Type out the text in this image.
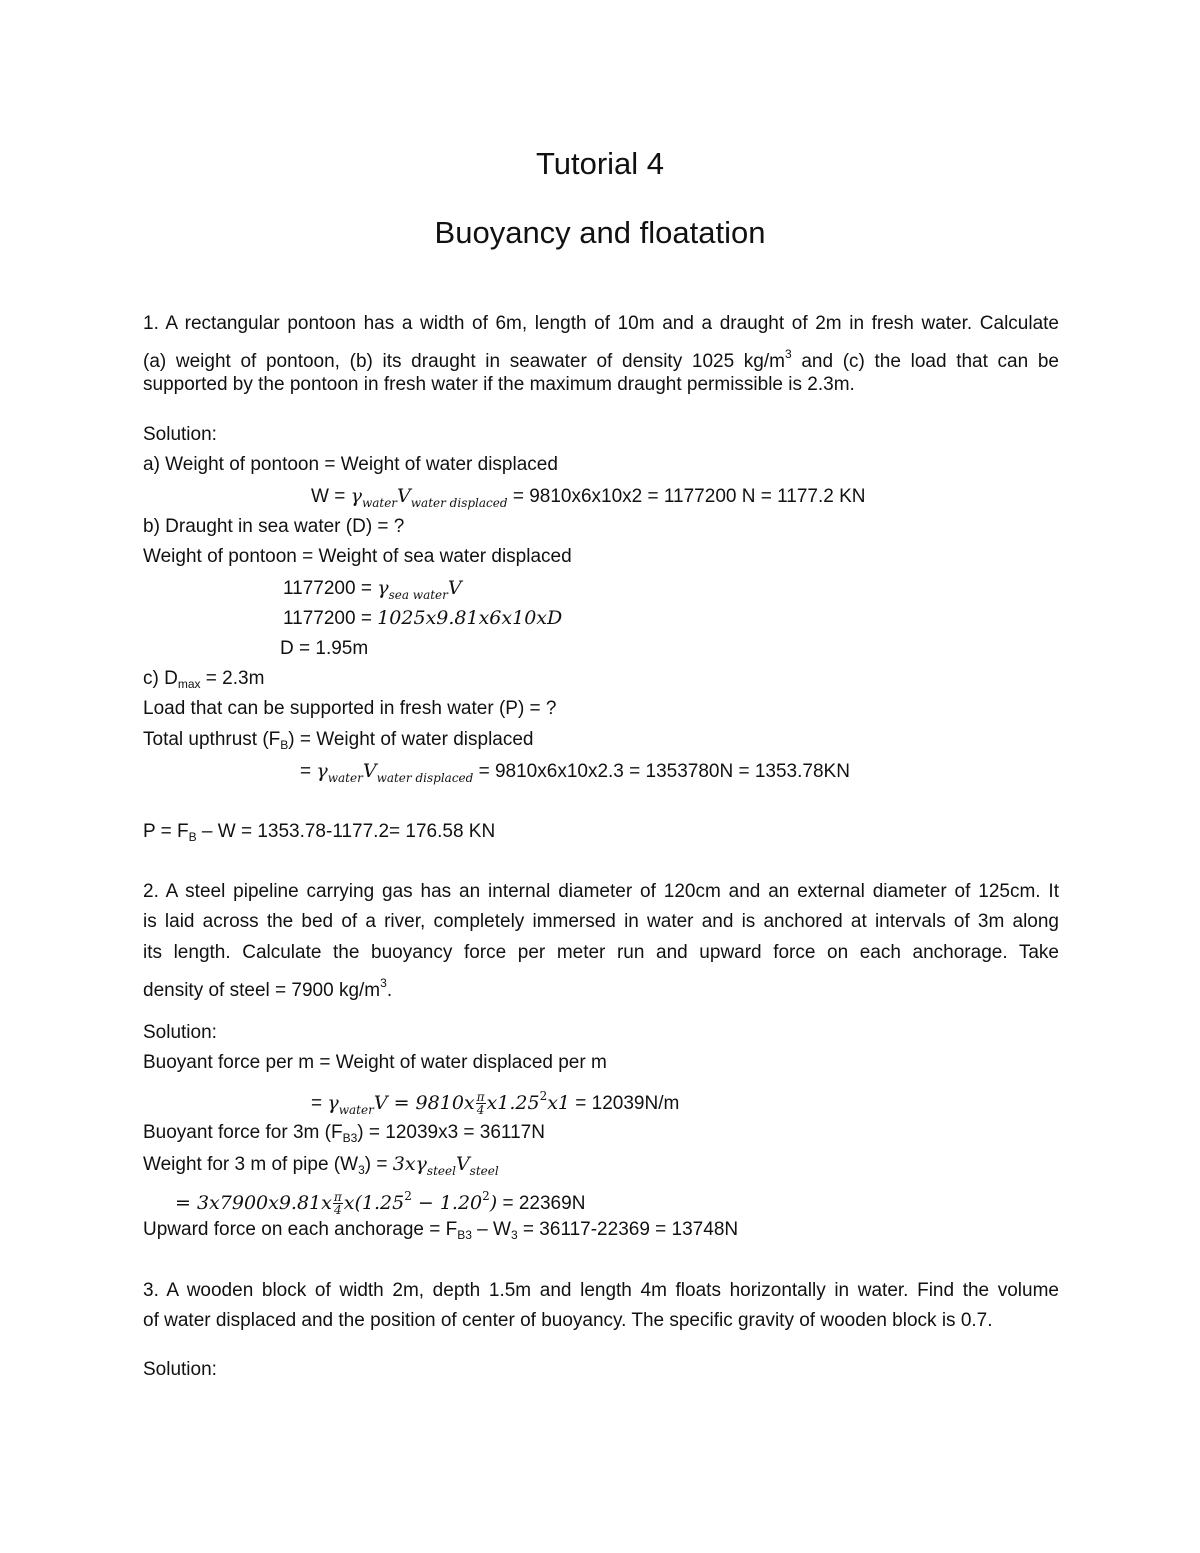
Tutorial 4
Buoyancy and floatation
1. A rectangular pontoon has a width of 6m, length of 10m and a draught of 2m in fresh water. Calculate
(a) weight of pontoon, (b) its draught in seawater of density 1025 $kg/m^3$ and (c) the load that can be
supported by the pontoon in fresh water if the maximum draught permissible is 2.3m.
Solution:
a) Weight of pontoon = Weight of water displaced
$W = \gamma_{water}V_{water displaced} = 9810x6x10x2 = 1177200$ N = 1177.2 KN
b) Draught in sea water (D) = ?
Weight of pontoon = Weight of sea water displaced
$1177200 = \gamma_{sea water}V$
1177200 = 1025x9.81x6x10xD
D = 1.95m
c) $D_{max} = 2.3m$
Load that can be supported in fresh water (P) = ?
Total upthrust $(F_B)$ = Weight of water displaced
= $\gamma_{water}V_{water displaced} = 9810x6x10x2.3 = 1353780N = 1353.78KN$
$P = F_B - W = 1353.78-1177.2= 176.58$ KN
2. A steel pipeline carrying gas has an internal diameter of 120cm and an external diameter of 125cm. It
is laid across the bed of a river, completely immersed in water and is anchored at intervals of 3m along
its length. Calculate the buoyancy force per meter run and upward force on each anchorage. Take
density of steel = 7900 $kg/m^3$.
Solution:
Buoyant force per m = Weight of water displaced per m
= $\gamma_{water}V = 9810x \frac{\pi}{4} x1.25^2x1 = 12039N/m$
Buoyant force for 3m $(F_{B3}) = 12039x3 = 36117N$
Weight for 3 m of pipe $(W_3) = 3x\gamma_{steel}V_{steel}$
= $3x7900x9.81x \frac{\pi}{4} x(1.25^2 - 1.20^2) = 22369N$
Upward force on each anchorage = $F_{B3} - W_3 = 36117-22369 = 13748N$
3. A wooden block of width 2m, depth 1.5m and length 4m floats horizontally in water. Find the volume
of water displaced and the position of center of buoyancy. The specific gravity of wooden block is 0.7.
Solution:
